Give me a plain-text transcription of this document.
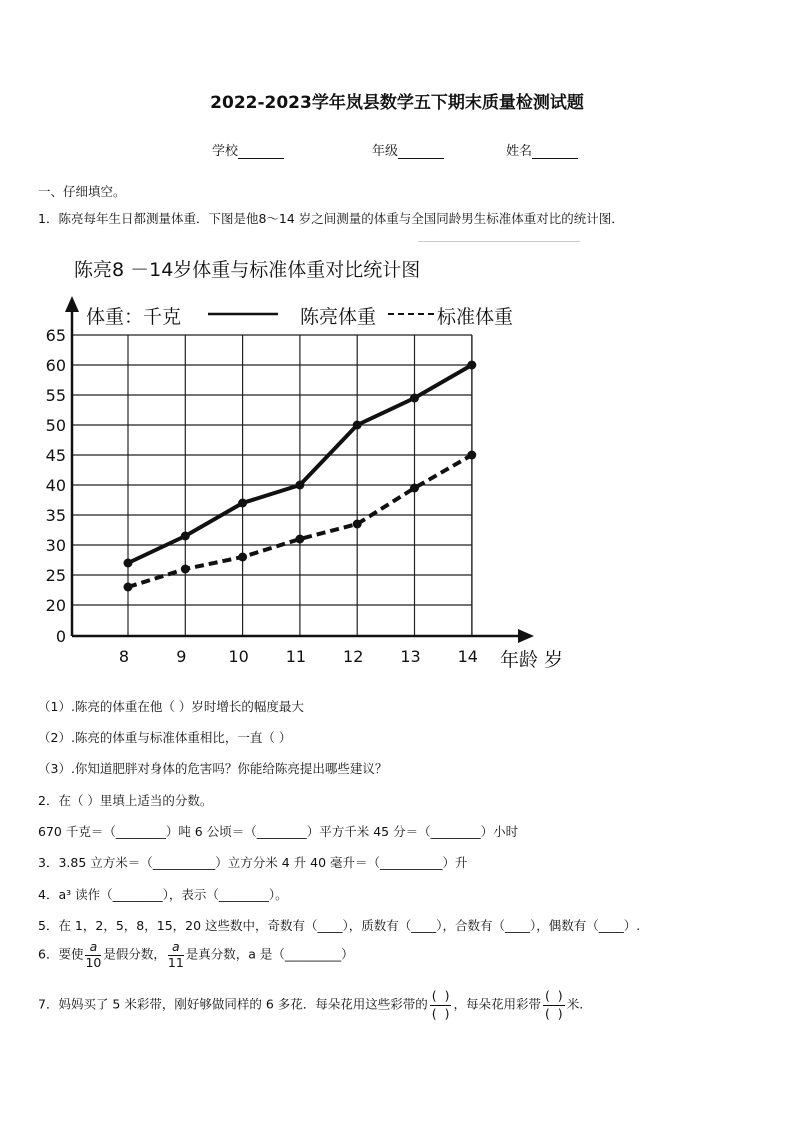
2022-2023学年岚县数学五下期末质量检测试题
学校	年级	姓名
一、仔细填空。
1．陈亮每年生日都测量体重．下图是他8～14 岁之间测量的体重与全国同龄男生标准体重对比的统计图．
陈亮8 －14岁体重与标准体重对比统计图
体重：千克	陈亮体重	标准体重
0
20
25
30
35
40
45
50
55
60
65
8	9	10 11 12 13 14 年龄 岁
（1）.陈亮的体重在他（ ）岁时增长的幅度最大
（2）.陈亮的体重与标准体重相比，一直（ ）
（3）.你知道肥胖对身体的危害吗？你能给陈亮提出哪些建议？
2．在（ ）里填上适当的分数。
670 千克＝（________）吨 6 公顷＝（________）平方千米 45 分＝（________）小时
3．3.85 立方米＝（__________）立方分米 4 升 40 毫升＝（__________）升
4．a³ 读作（________），表示（________）。
5．在 1，2，5，8，15，20 这些数中，奇数有（____），质数有（____），合数有（____），偶数有（____）.
6．要使 $\frac{a}{10}$ 是假分数， $\frac{a}{11}$ 是真分数，a 是（_________）
7．妈妈买了 5 米彩带，刚好够做同样的 6 多花．每朵花用这些彩带的 $\frac{( )}{( )}$ ，每朵花用彩带 $\frac{( )}{( )}$ 米.
